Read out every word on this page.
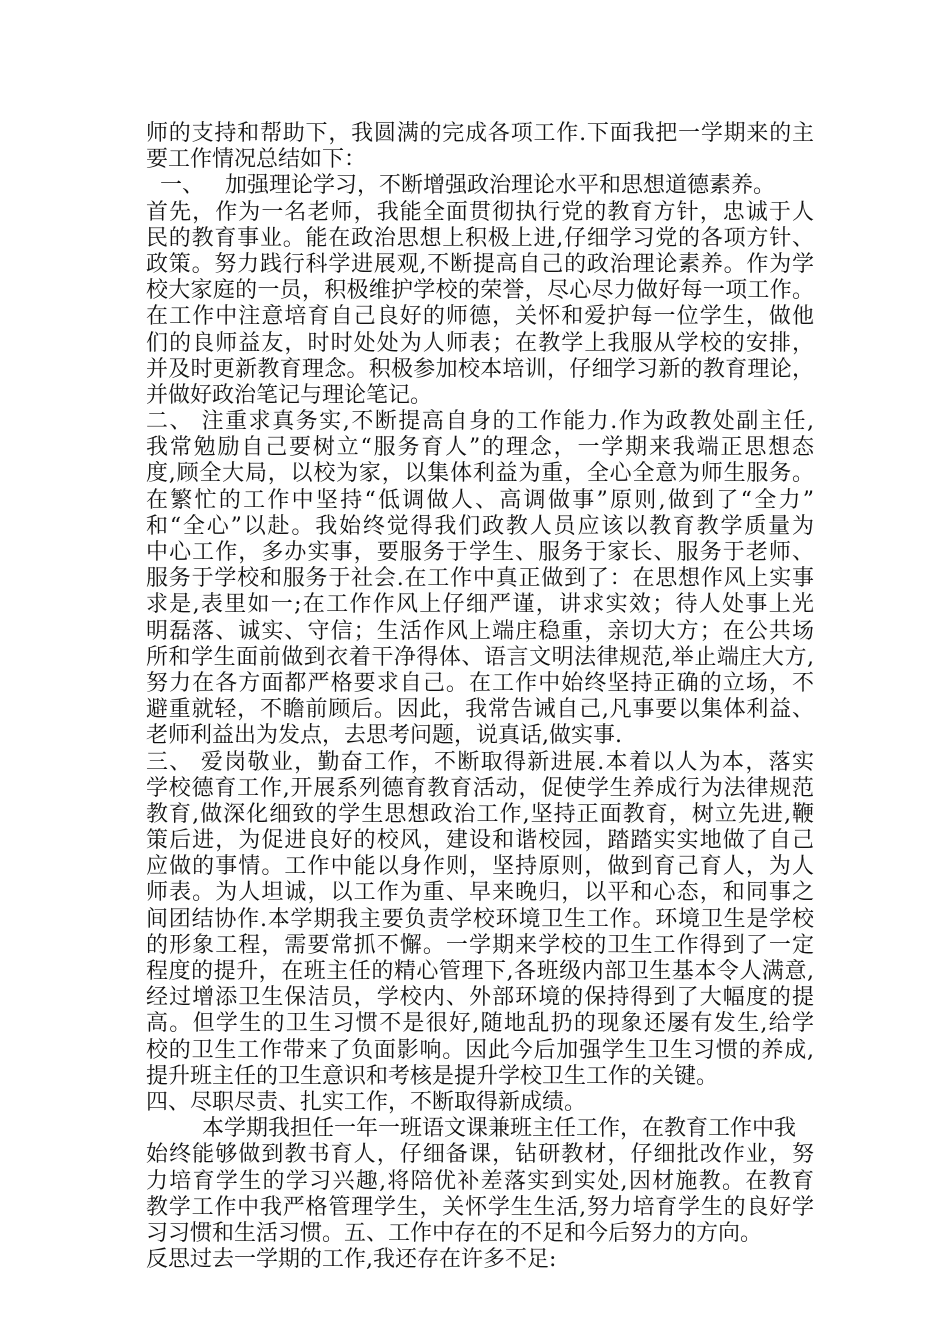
师的支持和帮助下，我圆满的完成各项工作.下面我把一学期来的主
要工作情况总结如下：
一、   加强理论学习，不断增强政治理论水平和思想道德素养。
首先，作为一名老师，我能全面贯彻执行党的教育方针，忠诚于人
民的教育事业。能在政治思想上积极上进,仔细学习党的各项方针、
政策。努力践行科学进展观,不断提高自己的政治理论素养。作为学
校大家庭的一员，积极维护学校的荣誉，尽心尽力做好每一项工作。
在工作中注意培育自己良好的师德，关怀和爱护每一位学生，做他
们的良师益友，时时处处为人师表；在教学上我服从学校的安排，
并及时更新教育理念。积极参加校本培训，仔细学习新的教育理论，
并做好政治笔记与理论笔记。
二、 注重求真务实,不断提高自身的工作能力.作为政教处副主任,
我常勉励自己要树立“服务育人”的理念，一学期来我端正思想态
度,顾全大局，以校为家，以集体利益为重，全心全意为师生服务。
在繁忙的工作中坚持“低调做人、高调做事”原则,做到了“全力”
和“全心”以赴。我始终觉得我们政教人员应该以教育教学质量为
中心工作，多办实事，要服务于学生、服务于家长、服务于老师、
服务于学校和服务于社会.在工作中真正做到了：在思想作风上实事
求是,表里如一;在工作作风上仔细严谨，讲求实效；待人处事上光
明磊落、诚实、守信；生活作风上端庄稳重，亲切大方；在公共场
所和学生面前做到衣着干净得体、语言文明法律规范,举止端庄大方,
努力在各方面都严格要求自己。在工作中始终坚持正确的立场，不
避重就轻，不瞻前顾后。因此，我常告诫自己,凡事要以集体利益、
老师利益出为发点，去思考问题，说真话,做实事.
三、 爱岗敬业，勤奋工作，不断取得新进展.本着以人为本，落实
学校德育工作,开展系列德育教育活动，促使学生养成行为法律规范
教育,做深化细致的学生思想政治工作,坚持正面教育，树立先进,鞭
策后进，为促进良好的校风，建设和谐校园，踏踏实实地做了自己
应做的事情。工作中能以身作则，坚持原则，做到育己育人，为人
师表。为人坦诚，以工作为重、早来晚归，以平和心态，和同事之
间团结协作.本学期我主要负责学校环境卫生工作。环境卫生是学校
的形象工程，需要常抓不懈。一学期来学校的卫生工作得到了一定
程度的提升，在班主任的精心管理下,各班级内部卫生基本令人满意,
经过增添卫生保洁员，学校内、外部环境的保持得到了大幅度的提
高。但学生的卫生习惯不是很好,随地乱扔的现象还屡有发生,给学
校的卫生工作带来了负面影响。因此今后加强学生卫生习惯的养成,
提升班主任的卫生意识和考核是提升学校卫生工作的关键。
四、尽职尽责、扎实工作，不断取得新成绩。
本学期我担任一年一班语文课兼班主任工作，在教育工作中我
始终能够做到教书育人，仔细备课，钻研教材，仔细批改作业，努
力培育学生的学习兴趣,将陪优补差落实到实处,因材施教。在教育
教学工作中我严格管理学生，关怀学生生活,努力培育学生的良好学
习习惯和生活习惯。五、工作中存在的不足和今后努力的方向。
反思过去一学期的工作,我还存在许多不足:
